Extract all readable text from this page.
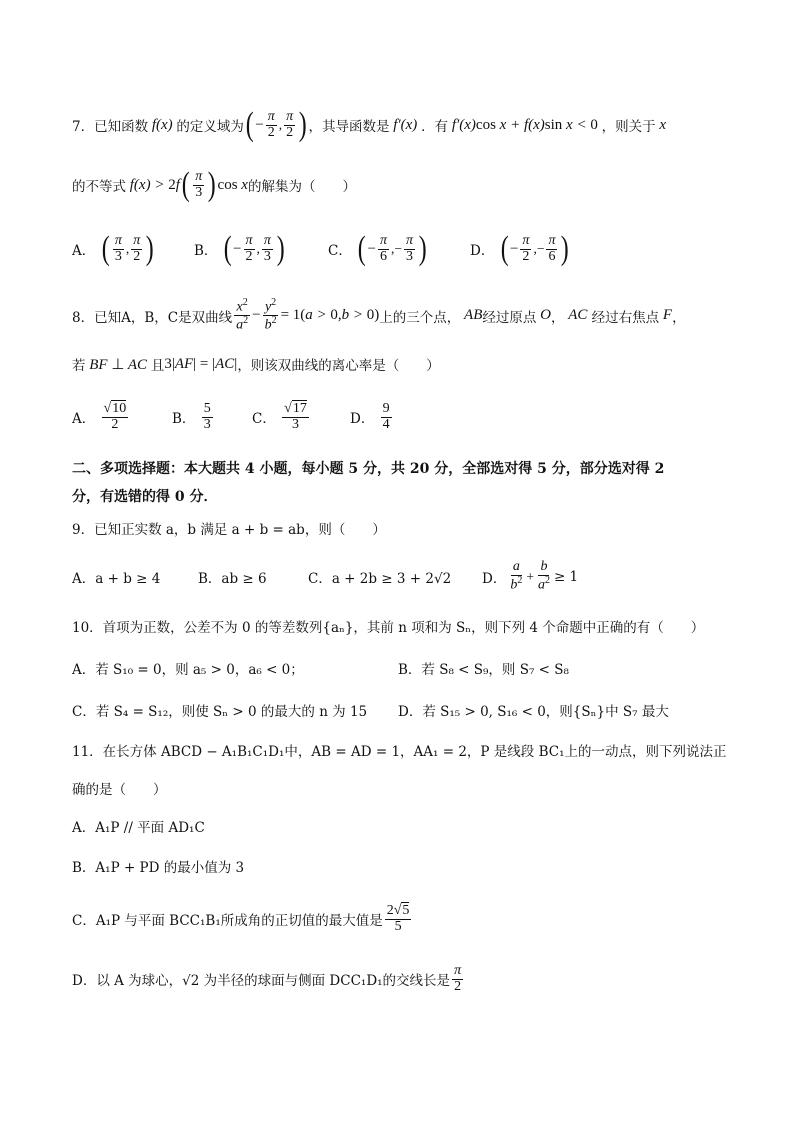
7． 已知函数 f(x) 的定义域为 ( − $\frac{\pi}{2}$ , $\frac{\pi}{2}$ ) ，其导函数是 f′(x) ．有 f′(x)cos x + f(x)sin x < 0 ，则关于 x
的不等式 f(x) > 2f ( $\frac{\pi}{3}$ ) cos x 的解集为（　　）
A．
( $\frac{\pi}{3}$ , $\frac{\pi}{2}$ )	B．
( − $\frac{\pi}{2}$ , $\frac{\pi}{3}$ )	C．
( − $\frac{\pi}{6}$ ,− $\frac{\pi}{3}$ )	D．
( − $\frac{\pi}{2}$ ,− $\frac{\pi}{6}$ )
8． 已知A，B，C是双曲线 $\frac{x^2}{a^2} - \frac{y^2}{b^2} = 1(a > 0,b > 0)$ 上的三个点， AB 经过原点 O ， AC 经过右焦点 F ，
若 BF ⊥ AC 且 3|AF| = |AC| ，则该双曲线的离心率是（　　）
A．
$\frac{√10}{2}$	B．
$\frac{5}{3}$	C．
$\frac{√17}{3}$	D．
$\frac{9}{4}$
二、多项选择题：本大题共 4 小题，每小题 5 分，共 20 分，全部选对得 5 分，部分选对得 2
分，有选错的得 0 分．
9．已知正实数 a，b 满足 a + b = ab，则（　　）
A．a + b ≥ 4	B．ab ≥ 6	C．a + 2b ≥ 3 + 2√2	D． $\frac{a}{b^2} + \frac{b}{a^2} \ge 1$
10．首项为正数，公差不为 0 的等差数列{aₙ}，其前 n 项和为 Sₙ，则下列 4 个命题中正确的有（　　）
A．若 S₁₀ = 0，则 a₅ > 0，a₆ < 0；	B．若 S₈ < S₉，则 S₇ < S₈
C．若 S₄ = S₁₂，则使 Sₙ > 0 的最大的 n 为 15	D．若 S₁₅ > 0, S₁₆ < 0，则{Sₙ}中 S₇ 最大
11．在长方体 ABCD − A₁B₁C₁D₁中，AB = AD = 1，AA₁ = 2，P 是线段 BC₁上的一动点，则下列说法正
确的是（　　）
A．A₁P // 平面 AD₁C
B．A₁P + PD 的最小值为 3
C．A₁P 与平面 BCC₁B₁所成角的正切值的最大值是 $\frac{2√5}{5}$
D．以 A 为球心，√2 为半径的球面与侧面 DCC₁D₁的交线长是 $\frac{\pi}{2}$
